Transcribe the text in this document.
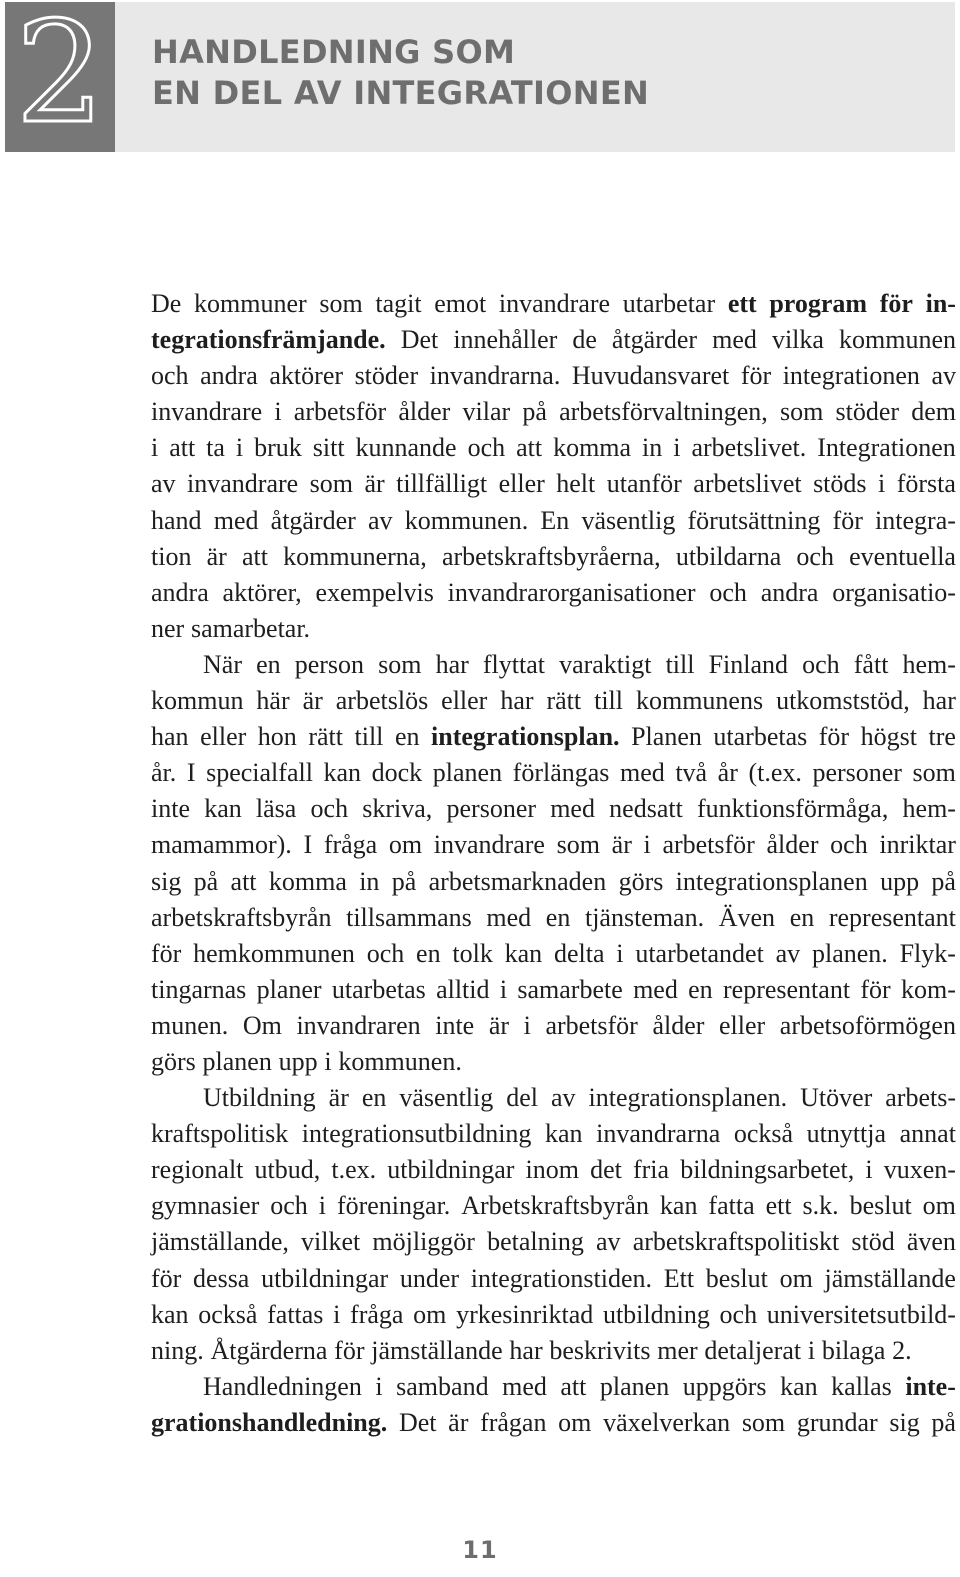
2 HANDLEDNING SOM
EN DEL AV INTEGRATIONEN
De kommuner som tagit emot invandrare utarbetar ett program för in-
tegrationsfrämjande. Det innehåller de åtgärder med vilka kommunen
och andra aktörer stöder invandrarna. Huvudansvaret för integrationen av
invandrare i arbetsför ålder vilar på arbetsförvaltningen, som stöder dem
i att ta i bruk sitt kunnande och att komma in i arbetslivet. Integrationen
av invandrare som är tillfälligt eller helt utanför arbetslivet stöds i första
hand med åtgärder av kommunen. En väsentlig förutsättning för integra-
tion är att kommunerna, arbetskraftsbyråerna, utbildarna och eventuella
andra aktörer, exempelvis invandrarorganisationer och andra organisatio-
ner samarbetar.
När en person som har flyttat varaktigt till Finland och fått hem-
kommun här är arbetslös eller har rätt till kommunens utkomststöd, har
han eller hon rätt till en integrationsplan. Planen utarbetas för högst tre
år. I specialfall kan dock planen förlängas med två år (t.ex. personer som
inte kan läsa och skriva, personer med nedsatt funktionsförmåga, hem-
mamammor). I fråga om invandrare som är i arbetsför ålder och inriktar
sig på att komma in på arbetsmarknaden görs integrationsplanen upp på
arbetskraftsbyrån tillsammans med en tjänsteman. Även en representant
för hemkommunen och en tolk kan delta i utarbetandet av planen. Flyk-
tingarnas planer utarbetas alltid i samarbete med en representant för kom-
munen. Om invandraren inte är i arbetsför ålder eller arbetsoförmögen
görs planen upp i kommunen.
Utbildning är en väsentlig del av integrationsplanen. Utöver arbets-
kraftspolitisk integrationsutbildning kan invandrarna också utnyttja annat
regionalt utbud, t.ex. utbildningar inom det fria bildningsarbetet, i vuxen-
gymnasier och i föreningar. Arbetskraftsbyrån kan fatta ett s.k. beslut om
jämställande, vilket möjliggör betalning av arbetskraftspolitiskt stöd även
för dessa utbildningar under integrationstiden. Ett beslut om jämställande
kan också fattas i fråga om yrkesinriktad utbildning och universitetsutbild-
ning. Åtgärderna för jämställande har beskrivits mer detaljerat i bilaga 2.
Handledningen i samband med att planen uppgörs kan kallas inte-
grationshandledning. Det är frågan om växelverkan som grundar sig på
11
